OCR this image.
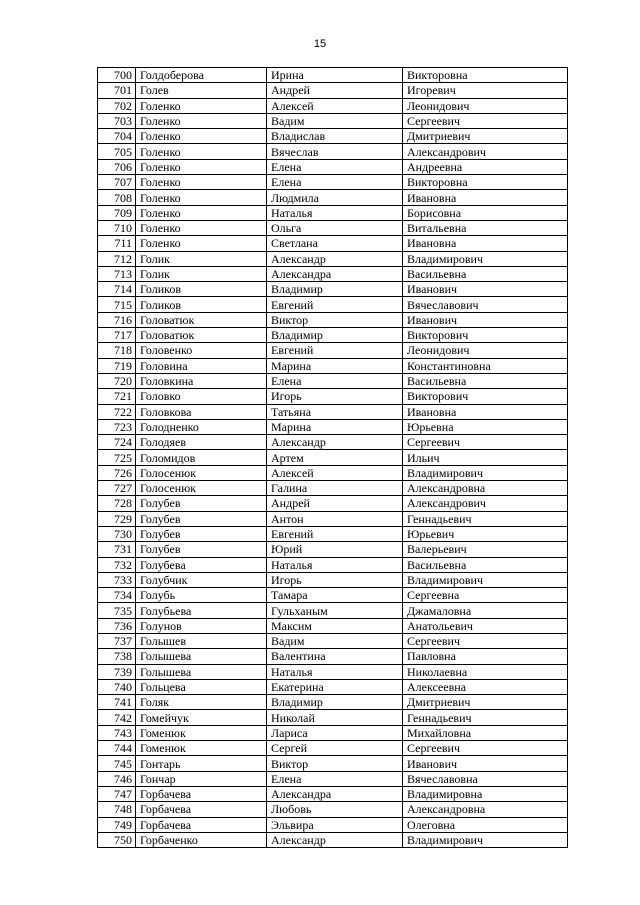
15
700	Голдоберова	Ирина	Викторовна
701	Голев	Андрей	Игоревич
702	Голенко	Алексей	Леонидович
703	Голенко	Вадим	Сергеевич
704	Голенко	Владислав	Дмитриевич
705	Голенко	Вячеслав	Александрович
706	Голенко	Елена	Андреевна
707	Голенко	Елена	Викторовна
708	Голенко	Людмила	Ивановна
709	Голенко	Наталья	Борисовна
710	Голенко	Ольга	Витальевна
711	Голенко	Светлана	Ивановна
712	Голик	Александр	Владимирович
713	Голик	Александра	Васильевна
714	Голиков	Владимир	Иванович
715	Голиков	Евгений	Вячеславович
716	Головатюк	Виктор	Иванович
717	Головатюк	Владимир	Викторович
718	Головенко	Евгений	Леонидович
719	Головина	Марина	Константиновна
720	Головкина	Елена	Васильевна
721	Головко	Игорь	Викторович
722	Головкова	Татьяна	Ивановна
723	Голодненко	Марина	Юрьевна
724	Голодяев	Александр	Сергеевич
725	Голомидов	Артем	Ильич
726	Голосенюк	Алексей	Владимирович
727	Голосенюк	Галина	Александровна
728	Голубев	Андрей	Александрович
729	Голубев	Антон	Геннадьевич
730	Голубев	Евгений	Юрьевич
731	Голубев	Юрий	Валерьевич
732	Голубева	Наталья	Васильевна
733	Голубчик	Игорь	Владимирович
734	Голубь	Тамара	Сергеевна
735	Голубьева	Гульханым	Джамаловна
736	Голунов	Максим	Анатольевич
737	Голышев	Вадим	Сергеевич
738	Голышева	Валентина	Павловна
739	Голышева	Наталья	Николаевна
740	Гольцева	Екатерина	Алексеевна
741	Голяк	Владимир	Дмитриевич
742	Гомейчук	Николай	Геннадьевич
743	Гоменюк	Лариса	Михайловна
744	Гоменюк	Сергей	Сергеевич
745	Гонтарь	Виктор	Иванович
746	Гончар	Елена	Вячеславовна
747	Горбачева	Александра	Владимировна
748	Горбачева	Любовь	Александровна
749	Горбачева	Эльвира	Олеговна
750	Горбаченко	Александр	Владимирович
